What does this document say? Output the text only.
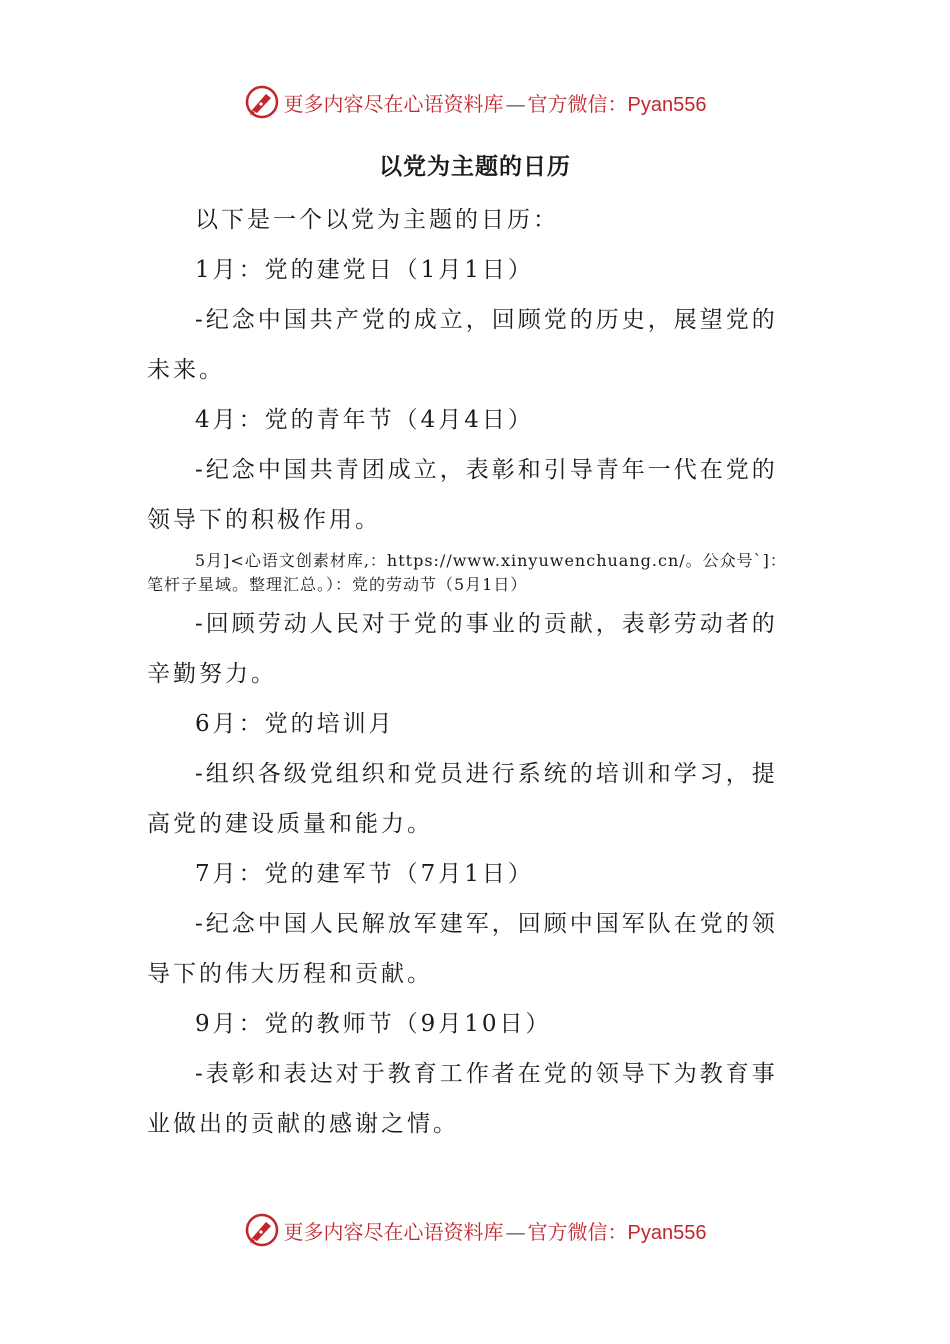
更多内容尽在心语资料库 — 官方微信：Pyan556
以党为主题的日历

以下是一个以党为主题的日历：

1月：党的建党日（1月1日）

-纪念中国共产党的成立，回顾党的历史，展望党的未来。

4月：党的青年节（4月4日）

-纪念中国共青团成立，表彰和引导青年一代在党的领导下的积极作用。

5月]<心语文创素材库,：https://www.xinyuwenchuang.cn/。公众号`]：笔杆子星域。整理汇总。）：党的劳动节（5月1日）

-回顾劳动人民对于党的事业的贡献，表彰劳动者的辛勤努力。

6月：党的培训月

-组织各级党组织和党员进行系统的培训和学习，提高党的建设质量和能力。

7月：党的建军节（7月1日）

-纪念中国人民解放军建军，回顾中国军队在党的领导下的伟大历程和贡献。

9月：党的教师节（9月10日）

-表彰和表达对于教育工作者在党的领导下为教育事业做出的贡献的感谢之情。

更多内容尽在心语资料库 — 官方微信：Pyan556
